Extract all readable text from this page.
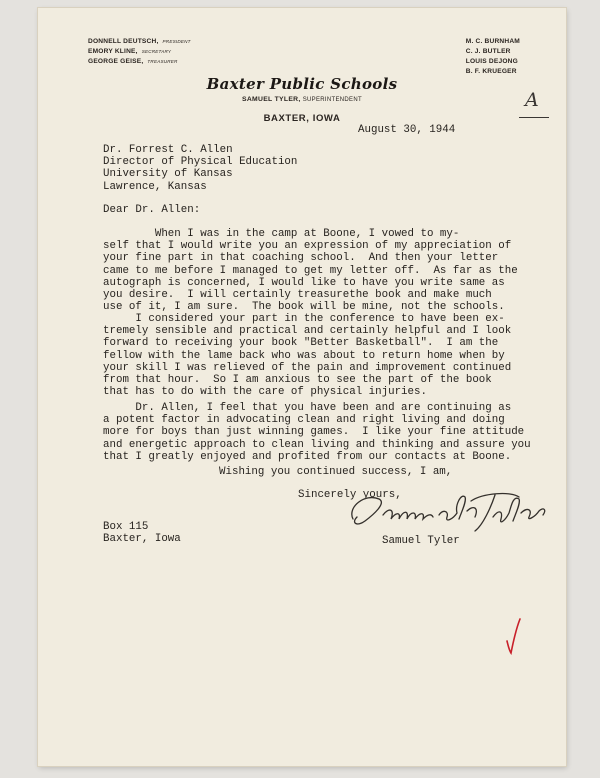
DONNELL DEUTSCH, PRESIDENT
EMORY KLINE, SECRETARY
GEORGE GEISE, TREASURER
M. C. BURNHAM
C. J. BUTLER
LOUIS DEJONG
B. F. KRUEGER
Baxter Public Schools
SAMUEL TYLER, SUPERINTENDENT
BAXTER, IOWA
A
August 30, 1944
Dr. Forrest C. Allen
Director of Physical Education
University of Kansas
Lawrence, Kansas
Dear Dr. Allen:
When I was in the camp at Boone, I vowed to my-
self that I would write you an expression of my appreciation of
your fine part in that coaching school.  And then your letter
came to me before I managed to get my letter off.  As far as the
autograph is concerned, I would like to have you write same as
you desire.  I will certainly treasurethe book and make much
use of it, I am sure.  The book will be mine, not the schools.
I considered your part in the conference to have been ex-
tremely sensible and practical and certainly helpful and I look
forward to receiving your book "Better Basketball".  I am the
fellow with the lame back who was about to return home when by
your skill I was relieved of the pain and improvement continued
from that hour.  So I am anxious to see the part of the book
that has to do with the care of physical injuries.
Dr. Allen, I feel that you have been and are continuing as
a potent factor in advocating clean and right living and doing
more for boys than just winning games.  I like your fine attitude
and energetic approach to clean living and thinking and assure you
that I greatly enjoyed and profited from our contacts at Boone.
Wishing you continued success, I am,
Sincerely yours,
Box 115
Baxter, Iowa	Samuel Tyler
